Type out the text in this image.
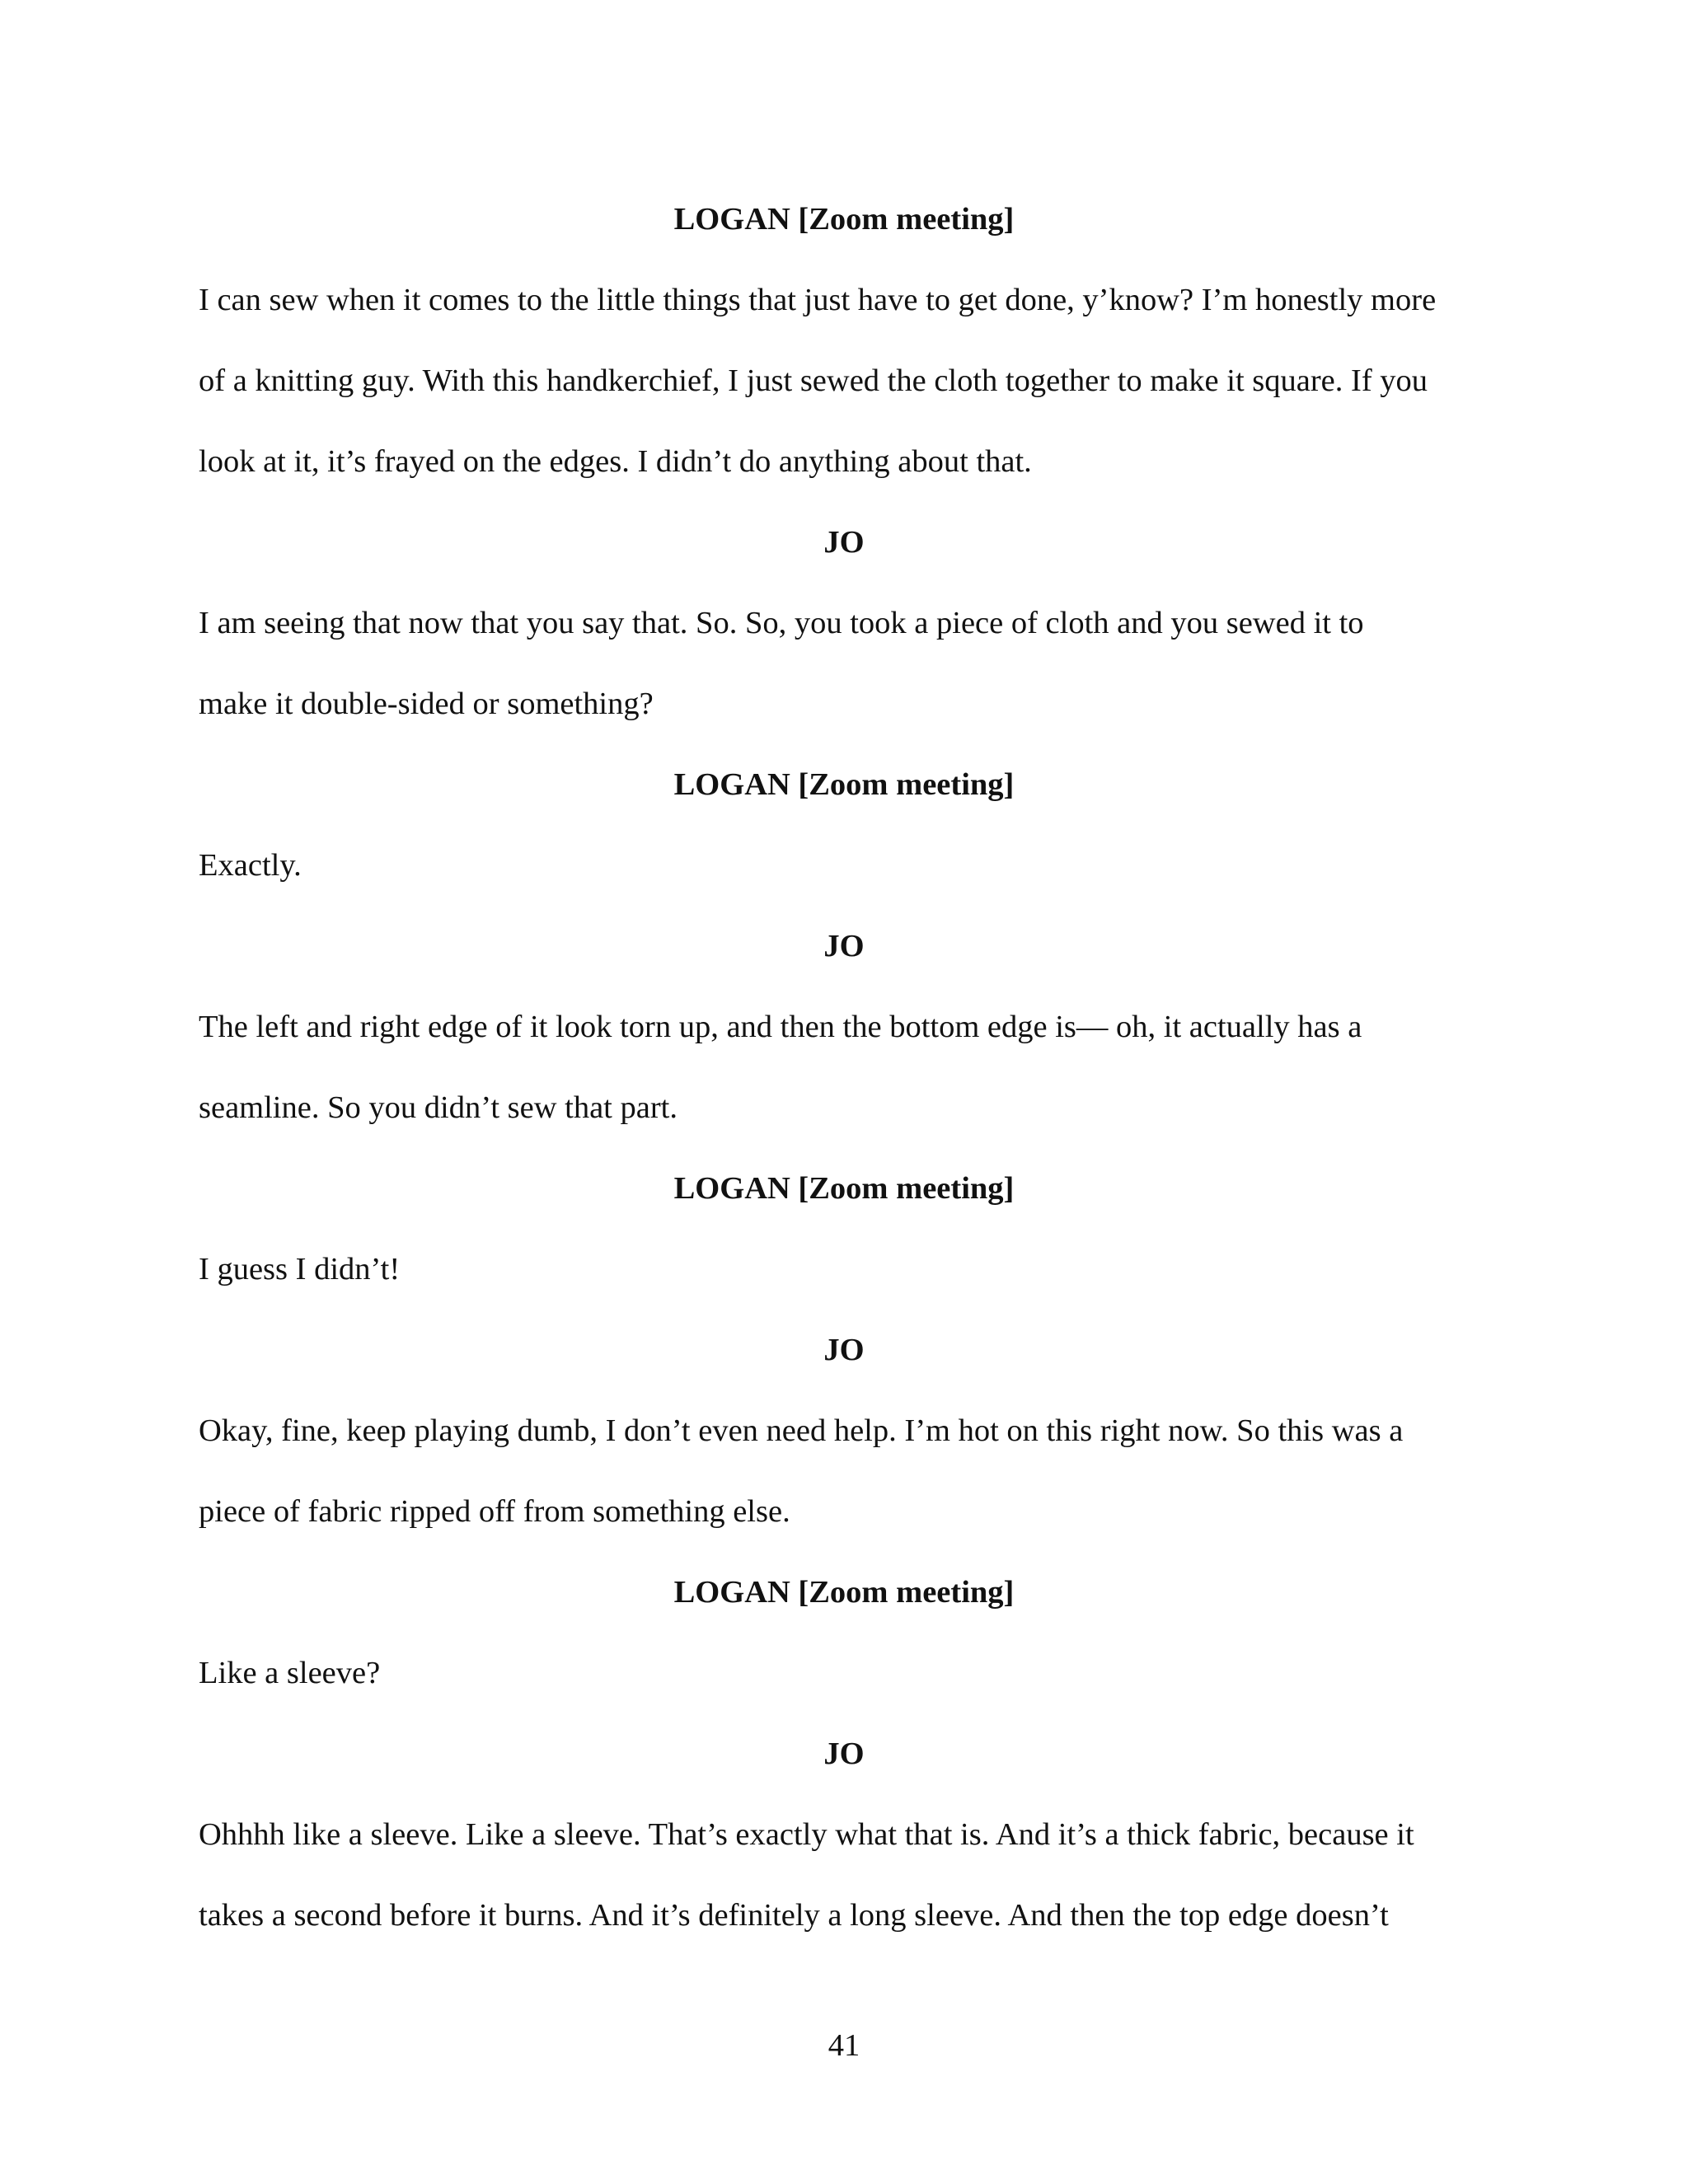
LOGAN [Zoom meeting]

I can sew when it comes to the little things that just have to get done, y’know? I’m honestly more

of a knitting guy. With this handkerchief, I just sewed the cloth together to make it square. If you

look at it, it’s frayed on the edges. I didn’t do anything about that.

JO

I am seeing that now that you say that. So. So, you took a piece of cloth and you sewed it to

make it double-sided or something?

LOGAN [Zoom meeting]

Exactly.

JO

The left and right edge of it look torn up, and then the bottom edge is— oh, it actually has a

seamline. So you didn’t sew that part.

LOGAN [Zoom meeting]

I guess I didn’t!

JO

Okay, fine, keep playing dumb, I don’t even need help. I’m hot on this right now. So this was a

piece of fabric ripped off from something else.

LOGAN [Zoom meeting]

Like a sleeve?

JO

Ohhhh like a sleeve. Like a sleeve. That’s exactly what that is. And it’s a thick fabric, because it

takes a second before it burns. And it’s definitely a long sleeve. And then the top edge doesn’t

41
